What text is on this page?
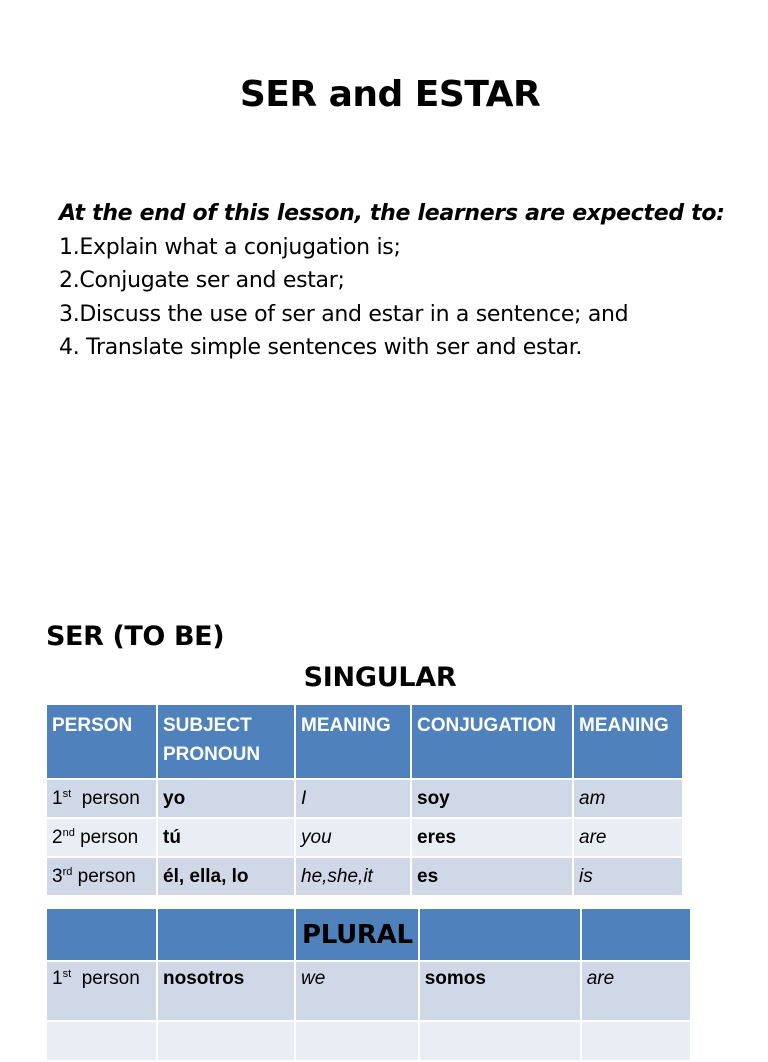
SER and ESTAR
At the end of this lesson, the learners are expected to:
1.Explain what a conjugation is;
2.Conjugate ser and estar;
3.Discuss the use of ser and estar in a sentence; and
4. Translate simple sentences with ser and estar.
SER (TO BE)
SINGULAR
PERSON	SUBJECT PRONOUN	MEANING	CONJUGATION	MEANING
1st  person	yo	I	soy	am
2nd person	tú	you	eres	are
3rd person	él, ella, lo	he,she,it	es	is
		PLURAL		
1st  person	nosotros	we	somos	are
